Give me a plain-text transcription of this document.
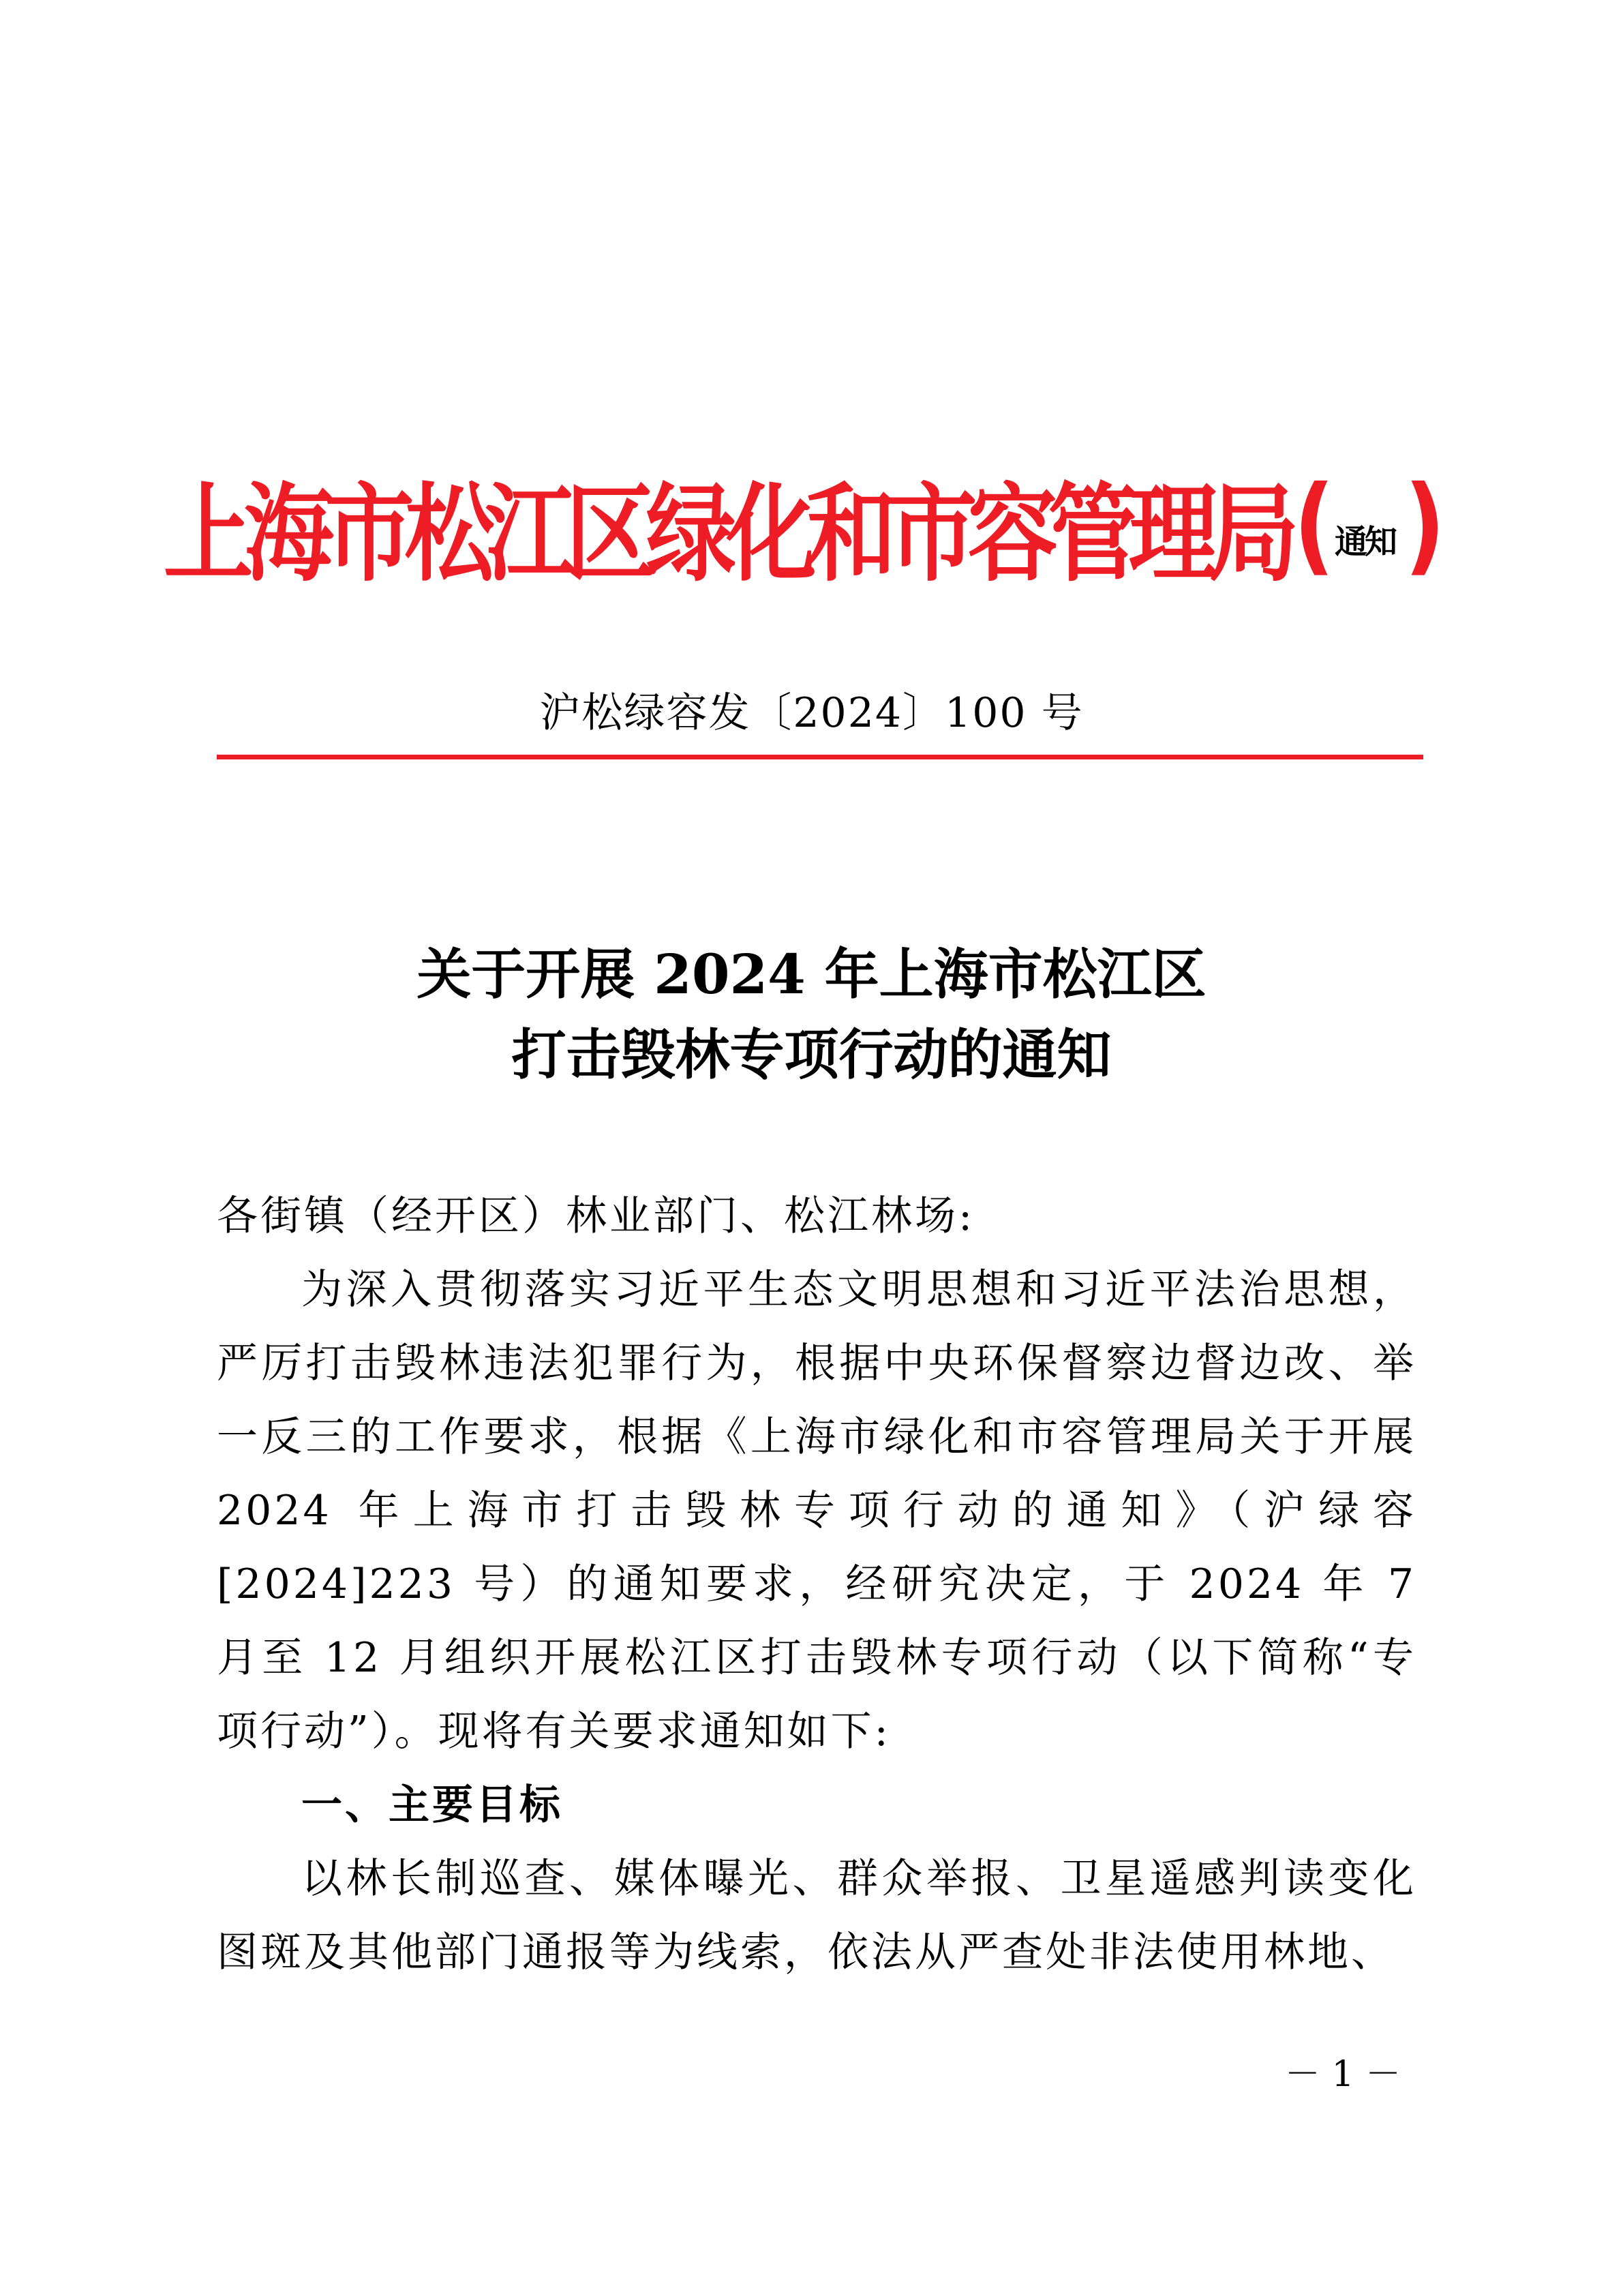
上海市松江区绿化和市容管理局 ( 通知 )
沪松绿容发〔2024〕100 号
关于开展 2024 年上海市松江区
打击毁林专项行动的通知

各街镇（经开区）林业部门、松江林场:

为深入贯彻落实习近平生态文明思想和习近平法治思想，严厉打击毁林违法犯罪行为，根据中央环保督察边督边改、举一反三的工作要求，根据《上海市绿化和市容管理局关于开展 2024 年上海市打击毁林专项行动的通知》（沪绿容[2024]223 号）的通知要求，经研究决定，于 2024 年 7 月至 12 月组织开展松江区打击毁林专项行动（以下简称“专项行动”）。现将有关要求通知如下:

一、主要目标

以林长制巡查、媒体曝光、群众举报、卫星遥感判读变化图斑及其他部门通报等为线索，依法从严查处非法使用林地、

－ 1 －
